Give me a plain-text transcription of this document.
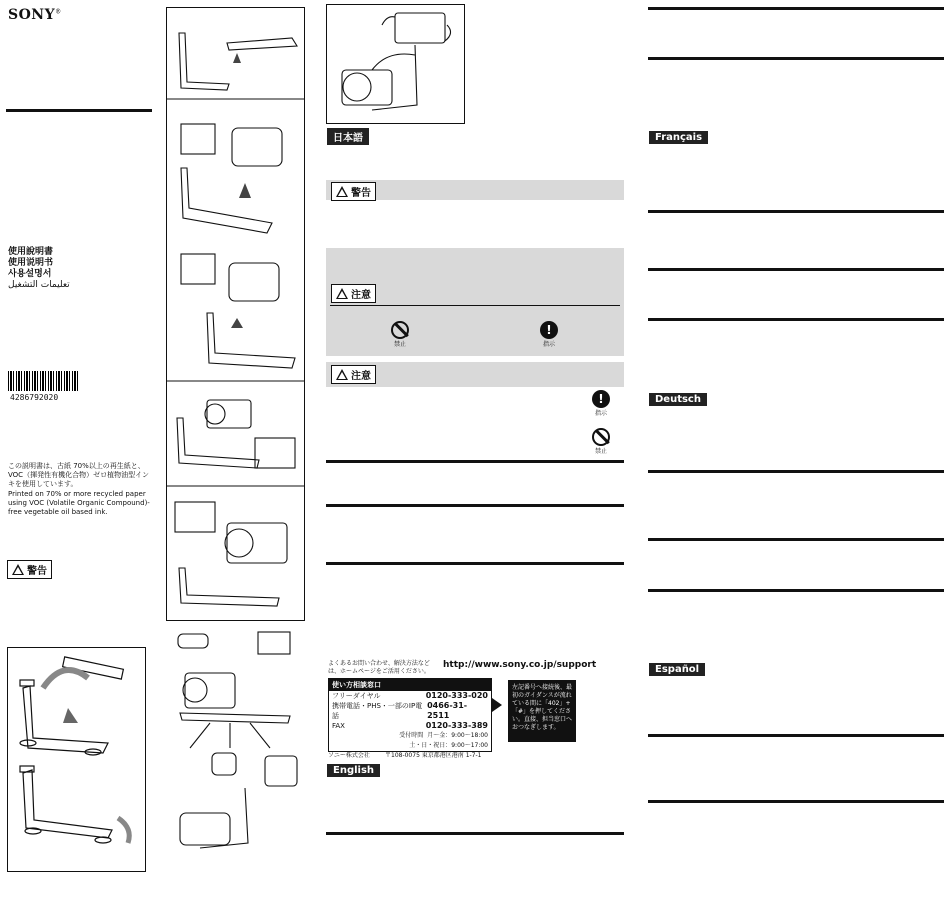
SONY®
使用說明書
使用说明书
사용설명서
تعليمات التشغيل
4286792020
この説明書は、古紙 70%以上の再生紙と、VOC（揮発性有機化合物）ゼロ植物油型インキを使用しています。
Printed on 70% or more recycled paper using VOC (Volatile Organic Compound)-free vegetable oil based ink.
警告
日本語
警告
注意
禁止
!
指示
注意
!
指示
禁止
よくあるお問い合わせ、解決方法などは、ホームページをご活用ください。
http://www.sony.co.jp/support
使い方相談窓口
フリーダイヤル	0120-333-020
携帯電話・PHS・一部のIP電話
0466-31-2511
FAX	0120-333-389
受付時間 月〜金：9:00〜18:00
土・日・祝日：9:00〜17:00
左記番号へ接続後、最初のガイダンスが流れている間に「402」+「#」を押してください。直接、担当窓口へおつなぎします。
ソニー株式会社	〒108-0075 東京都港区港南 1-7-1
English
Français
Deutsch
Español
